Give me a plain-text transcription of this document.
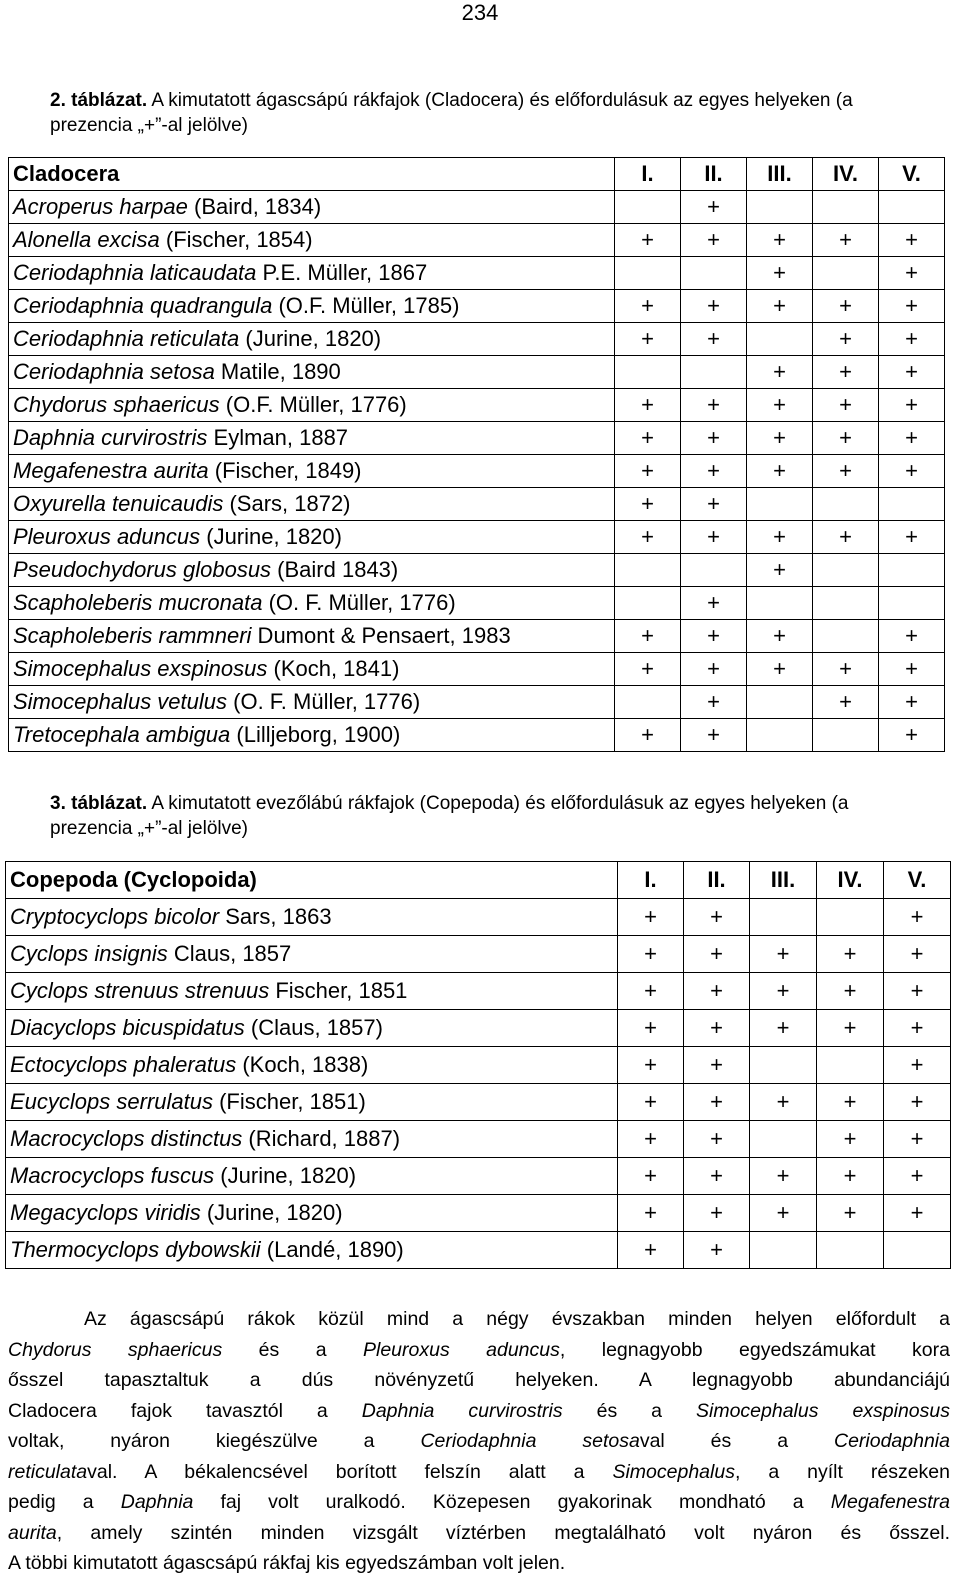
234
2. táblázat. A kimutatott ágascsápú rákfajok (Cladocera) és előfordulásuk az egyes helyeken (a prezencia „+”-al jelölve)
Cladocera	I.	II.	III.	IV.	V.
Acroperus harpae (Baird, 1834)		+			
Alonella excisa (Fischer, 1854)	+	+	+	+	+
Ceriodaphnia laticaudata P.E. Müller, 1867			+		+
Ceriodaphnia quadrangula (O.F. Müller, 1785)	+	+	+	+	+
Ceriodaphnia reticulata (Jurine, 1820)	+	+		+	+
Ceriodaphnia setosa Matile, 1890			+	+	+
Chydorus sphaericus (O.F. Müller, 1776)	+	+	+	+	+
Daphnia curvirostris Eylman, 1887	+	+	+	+	+
Megafenestra aurita (Fischer, 1849)	+	+	+	+	+
Oxyurella tenuicaudis (Sars, 1872)	+	+			
Pleuroxus aduncus (Jurine, 1820)	+	+	+	+	+
Pseudochydorus globosus (Baird 1843)			+		
Scapholeberis mucronata (O. F. Müller, 1776)		+			
Scapholeberis rammneri Dumont & Pensaert, 1983	+	+	+		+
Simocephalus exspinosus (Koch, 1841)	+	+	+	+	+
Simocephalus vetulus (O. F. Müller, 1776)		+		+	+
Tretocephala ambigua (Lilljeborg, 1900)	+	+			+
3. táblázat. A kimutatott evezőlábú rákfajok (Copepoda) és előfordulásuk az egyes helyeken (a prezencia „+”-al jelölve)
Copepoda (Cyclopoida)	I.	II.	III.	IV.	V.
Cryptocyclops bicolor Sars, 1863	+	+			+
Cyclops insignis Claus, 1857	+	+	+	+	+
Cyclops strenuus strenuus Fischer, 1851	+	+	+	+	+
Diacyclops bicuspidatus (Claus, 1857)	+	+	+	+	+
Ectocyclops phaleratus (Koch, 1838)	+	+			+
Eucyclops serrulatus (Fischer, 1851)	+	+	+	+	+
Macrocyclops distinctus (Richard, 1887)	+	+		+	+
Macrocyclops fuscus (Jurine, 1820)	+	+	+	+	+
Megacyclops viridis (Jurine, 1820)	+	+	+	+	+
Thermocyclops dybowskii (Landé, 1890)	+	+			
Az ágascsápú rákok közül mind a négy évszakban minden helyen előfordult a
Chydorus sphaericus és a Pleuroxus aduncus, legnagyobb egyedszámukat kora
ősszel tapasztaltuk a dús növényzetű helyeken. A legnagyobb abundanciájú
Cladocera fajok tavasztól a Daphnia curvirostris és a Simocephalus exspinosus
voltak, nyáron kiegészülve a Ceriodaphnia setosaval és a Ceriodaphnia
reticulataval. A békalencsével borított felszín alatt a Simocephalus, a nyílt részeken
pedig a Daphnia faj volt uralkodó. Közepesen gyakorinak mondható a Megafenestra
aurita, amely szintén minden vizsgált víztérben megtalálható volt nyáron és ősszel.
A többi kimutatott ágascsápú rákfaj kis egyedszámban volt jelen.
